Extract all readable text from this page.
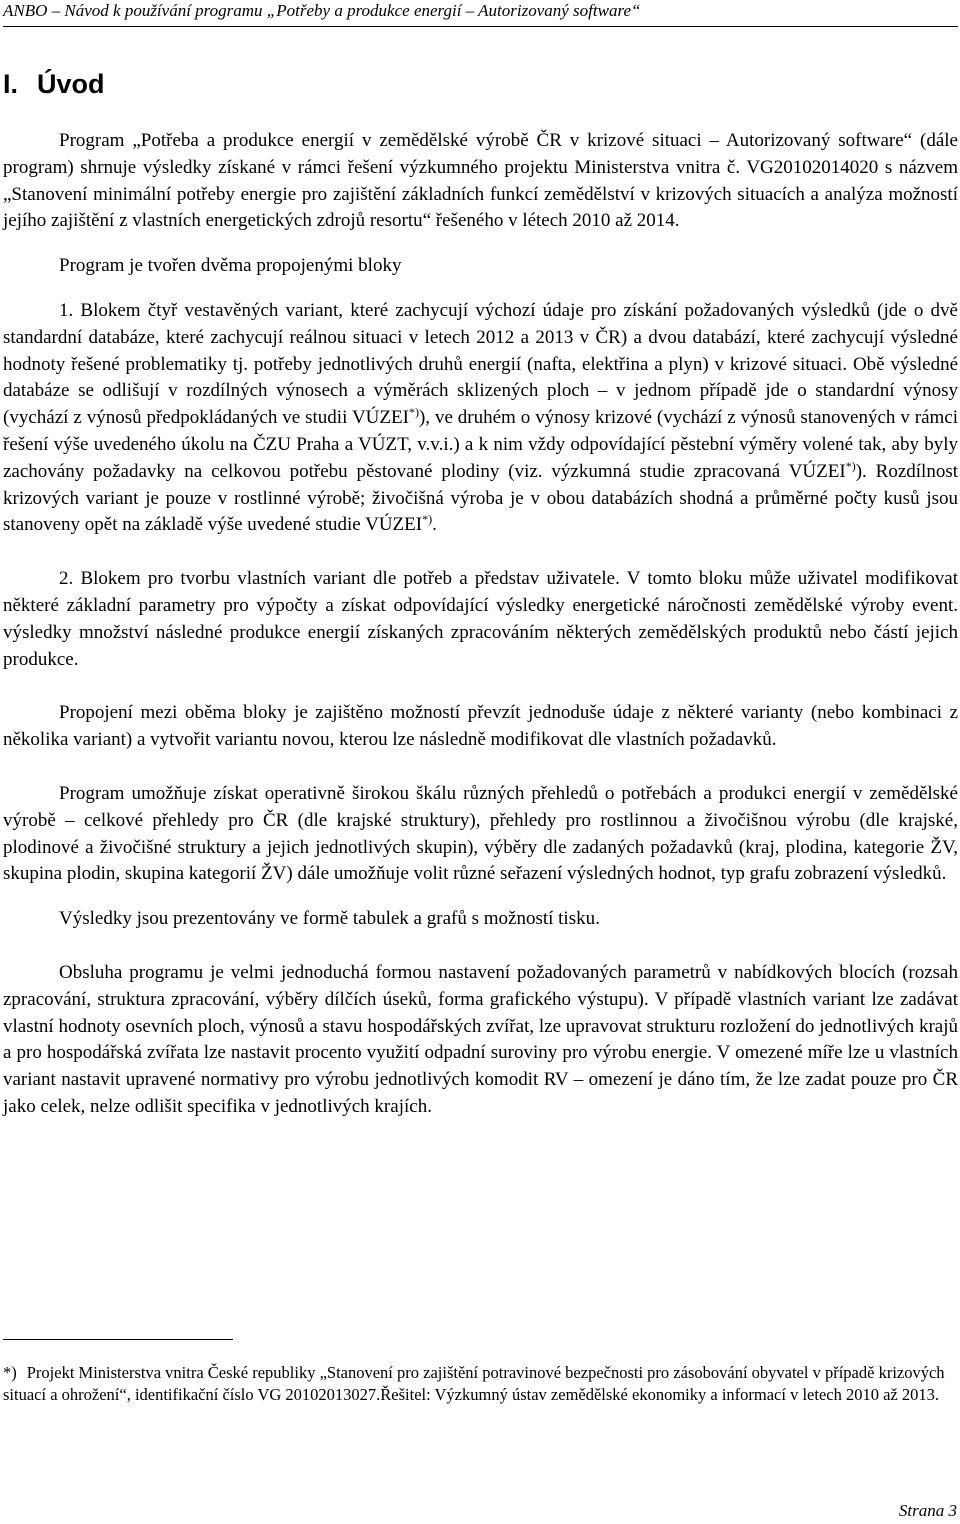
ANBO – Návod k používání programu „Potřeby a produkce energií – Autorizovaný software“
I. Úvod

Program „Potřeba a produkce energií v zemědělské výrobě ČR v krizové situaci – Autorizovaný software“ (dále program) shrnuje výsledky získané v rámci řešení výzkumného projektu Ministerstva vnitra č. VG20102014020 s názvem „Stanovení minimální potřeby energie pro zajištění základních funkcí zemědělství v krizových situacích a analýza možností jejího zajištění z vlastních energetických zdrojů resortu“ řešeného v létech 2010 až 2014.

Program je tvořen dvěma propojenými bloky

1. Blokem čtyř vestavěných variant, které zachycují výchozí údaje pro získání požadovaných výsledků (jde o dvě standardní databáze, které zachycují reálnou situaci v letech 2012 a 2013 v ČR) a dvou databází, které zachycují výsledné hodnoty řešené problematiky tj. potřeby jednotlivých druhů energií (nafta, elektřina a plyn) v krizové situaci. Obě výsledné databáze se odlišují v rozdílných výnosech a výměrách sklizených ploch – v jednom případě jde o standardní výnosy (vychází z výnosů předpokládaných ve studii VÚZEI*)), ve druhém o výnosy krizové (vychází z výnosů stanovených v rámci řešení výše uvedeného úkolu na ČZU Praha a VÚZT, v.v.i.) a k nim vždy odpovídající pěstební výměry volené tak, aby byly zachovány požadavky na celkovou potřebu pěstované plodiny (viz. výzkumná studie zpracovaná VÚZEI*)). Rozdílnost krizových variant je pouze v rostlinné výrobě; živočišná výroba je v obou databázích shodná a průměrné počty kusů jsou stanoveny opět na základě výše uvedené studie VÚZEI*).

2. Blokem pro tvorbu vlastních variant dle potřeb a představ uživatele. V tomto bloku může uživatel modifikovat některé základní parametry pro výpočty a získat odpovídající výsledky energetické náročnosti zemědělské výroby event. výsledky množství následné produkce energií získaných zpracováním některých zemědělských produktů nebo částí jejich produkce.

Propojení mezi oběma bloky je zajištěno možností převzít jednoduše údaje z některé varianty (nebo kombinaci z několika variant) a vytvořit variantu novou, kterou lze následně modifikovat dle vlastních požadavků.

Program umožňuje získat operativně širokou škálu různých přehledů o potřebách a produkci energií v zemědělské výrobě – celkové přehledy pro ČR (dle krajské struktury), přehledy pro rostlinnou a živočišnou výrobu (dle krajské, plodinové a živočišné struktury a jejich jednotlivých skupin), výběry dle zadaných požadavků (kraj, plodina, kategorie ŽV, skupina plodin, skupina kategorií ŽV) dále umožňuje volit různé seřazení výsledných hodnot, typ grafu zobrazení výsledků.

Výsledky jsou prezentovány ve formě tabulek a grafů s možností tisku.

Obsluha programu je velmi jednoduchá formou nastavení požadovaných parametrů v nabídkových blocích (rozsah zpracování, struktura zpracování, výběry dílčích úseků, forma grafického výstupu). V případě vlastních variant lze zadávat vlastní hodnoty osevních ploch, výnosů a stavu hospodářských zvířat, lze upravovat strukturu rozložení do jednotlivých krajů a pro hospodářská zvířata lze nastavit procento využití odpadní suroviny pro výrobu energie. V omezené míře lze u vlastních variant nastavit upravené normativy pro výrobu jednotlivých komodit RV – omezení je dáno tím, že lze zadat pouze pro ČR jako celek, nelze odlišit specifika v jednotlivých krajích.

*) Projekt Ministerstva vnitra České republiky „Stanovení pro zajištění potravinové bezpečnosti pro zásobování obyvatel v případě krizových situací a ohrožení“, identifikační číslo VG 20102013027.Řešitel: Výzkumný ústav zemědělské ekonomiky a informací v letech 2010 až 2013.
Strana 3
